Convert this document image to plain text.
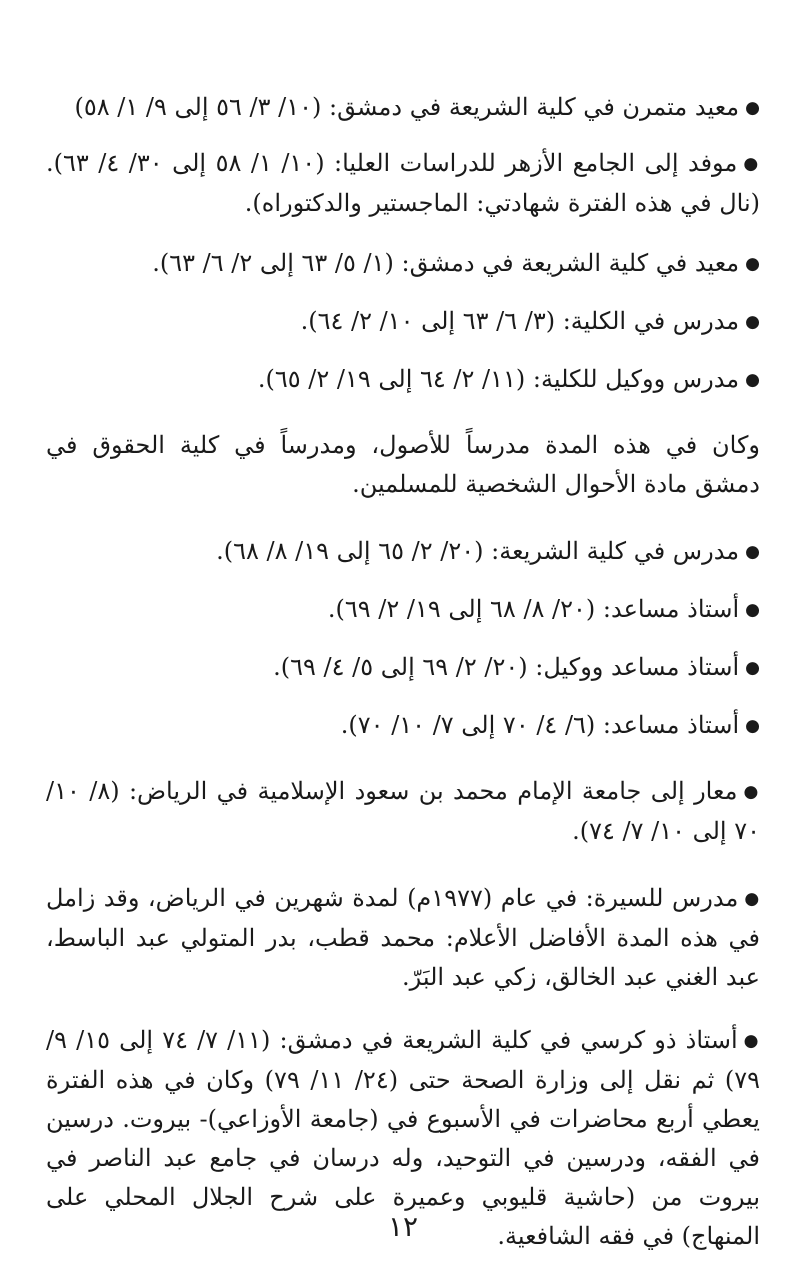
● معيد متمرن في كلية الشريعة في دمشق: (١٠/ ٣/ ٥٦ إلى ٩/ ١/ ٥٨)

● موفد إلى الجامع الأزهر للدراسات العليا: (١٠/ ١/ ٥٨ إلى ٣٠/ ٤/ ٦٣). (نال في هذه الفترة شهادتي: الماجستير والدكتوراه).

● معيد في كلية الشريعة في دمشق: (١/ ٥/ ٦٣ إلى ٢/ ٦/ ٦٣).

● مدرس في الكلية: (٣/ ٦/ ٦٣ إلى ١٠/ ٢/ ٦٤).

● مدرس ووكيل للكلية: (١١/ ٢/ ٦٤ إلى ١٩/ ٢/ ٦٥).

وكان في هذه المدة مدرساً للأصول، ومدرساً في كلية الحقوق في دمشق مادة الأحوال الشخصية للمسلمين.

● مدرس في كلية الشريعة: (٢٠/ ٢/ ٦٥ إلى ١٩/ ٨/ ٦٨).

● أستاذ مساعد: (٢٠/ ٨/ ٦٨ إلى ١٩/ ٢/ ٦٩).

● أستاذ مساعد ووكيل: (٢٠/ ٢/ ٦٩ إلى ٥/ ٤/ ٦٩).

● أستاذ مساعد: (٦/ ٤/ ٧٠ إلى ٧/ ١٠/ ٧٠).

● معار إلى جامعة الإمام محمد بن سعود الإسلامية في الرياض: (٨/ ١٠/ ٧٠ إلى ١٠/ ٧/ ٧٤).

● مدرس للسيرة: في عام (١٩٧٧م) لمدة شهرين في الرياض، وقد زامل في هذه المدة الأفاضل الأعلام: محمد قطب، بدر المتولي عبد الباسط، عبد الغني عبد الخالق، زكي عبد البَرّ.

● أستاذ ذو كرسي في كلية الشريعة في دمشق: (١١/ ٧/ ٧٤ إلى ١٥/ ٩/ ٧٩) ثم نقل إلى وزارة الصحة حتى (٢٤/ ١١/ ٧٩) وكان في هذه الفترة يعطي أربع محاضرات في الأسبوع في (جامعة الأوزاعي)- بيروت. درسين في الفقه، ودرسين في التوحيد، وله درسان في جامع عبد الناصر في بيروت من (حاشية قليوبي وعميرة على شرح الجلال المحلي على المنهاج) في فقه الشافعية.

١٢
